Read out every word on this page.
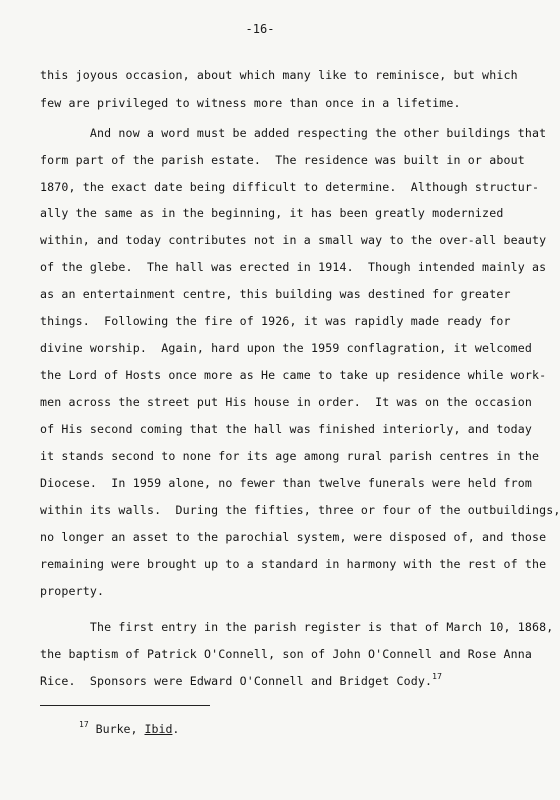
-16-
this joyous occasion, about which many like to reminisce, but which
few are privileged to witness more than once in a lifetime.
And now a word must be added respecting the other buildings that
form part of the parish estate.  The residence was built in or about
1870, the exact date being difficult to determine.  Although structur-
ally the same as in the beginning, it has been greatly modernized
within, and today contributes not in a small way to the over-all beauty
of the glebe.  The hall was erected in 1914.  Though intended mainly as
as an entertainment centre, this building was destined for greater
things.  Following the fire of 1926, it was rapidly made ready for
divine worship.  Again, hard upon the 1959 conflagration, it welcomed
the Lord of Hosts once more as He came to take up residence while work-
men across the street put His house in order.  It was on the occasion
of His second coming that the hall was finished interiorly, and today
it stands second to none for its age among rural parish centres in the
Diocese.  In 1959 alone, no fewer than twelve funerals were held from
within its walls.  During the fifties, three or four of the outbuildings,
no longer an asset to the parochial system, were disposed of, and those
remaining were brought up to a standard in harmony with the rest of the
property.
The first entry in the parish register is that of March 10, 1868,
the baptism of Patrick O'Connell, son of John O'Connell and Rose Anna
Rice.  Sponsors were Edward O'Connell and Bridget Cody.$^{17}$
$^{17}$ Burke, Ibid.
